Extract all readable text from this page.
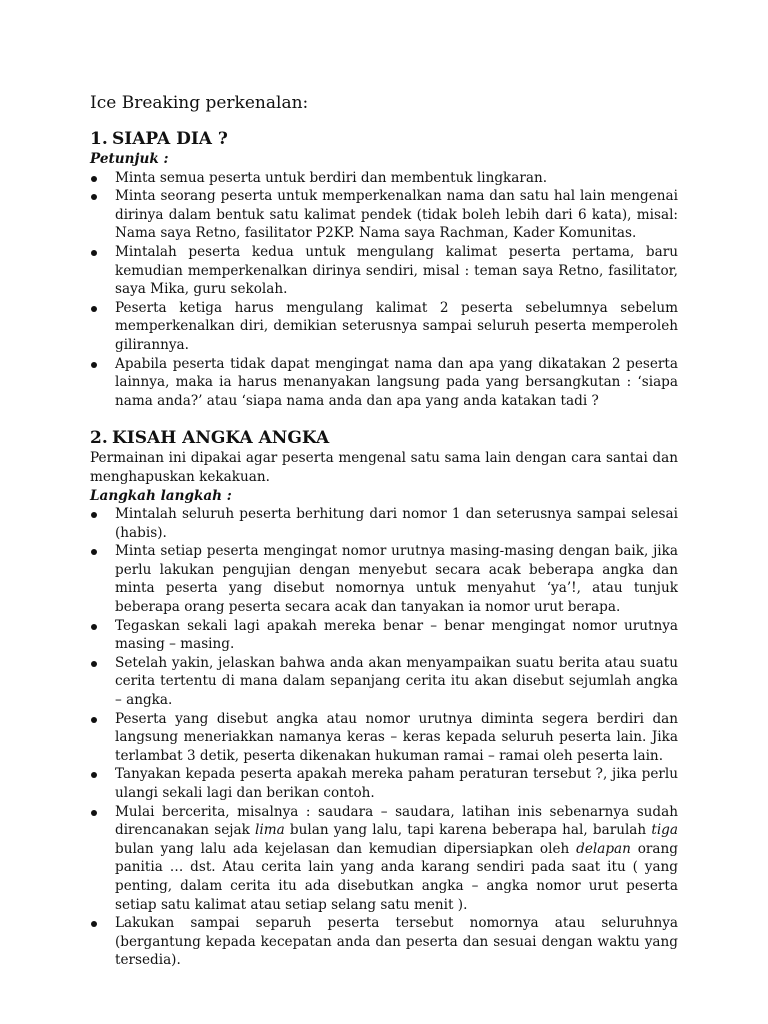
Ice Breaking perkenalan:

1. SIAPA DIA ?

Petunjuk :

Minta semua peserta untuk berdiri dan membentuk lingkaran.
Minta seorang peserta untuk memperkenalkan nama dan satu hal lain mengenai dirinya dalam bentuk satu kalimat pendek (tidak boleh lebih dari 6 kata), misal: Nama saya Retno, fasilitator P2KP. Nama saya Rachman, Kader Komunitas.
Mintalah peserta kedua untuk mengulang kalimat peserta pertama, baru kemudian memperkenalkan dirinya sendiri, misal : teman saya Retno, fasilitator, saya Mika, guru sekolah.
Peserta ketiga harus mengulang kalimat 2 peserta sebelumnya sebelum memperkenalkan diri, demikian seterusnya sampai seluruh peserta memperoleh gilirannya.
Apabila peserta tidak dapat mengingat nama dan apa yang dikatakan 2 peserta lainnya, maka ia harus menanyakan langsung pada yang bersangkutan : ‘siapa nama anda?’ atau ‘siapa nama anda dan apa yang anda katakan tadi ?
2. KISAH ANGKA ANGKA

Permainan ini dipakai agar peserta mengenal satu sama lain dengan cara santai dan menghapuskan kekakuan.

Langkah langkah :

Mintalah seluruh peserta berhitung dari nomor 1 dan seterusnya sampai selesai (habis).
Minta setiap peserta mengingat nomor urutnya masing-masing dengan baik, jika perlu lakukan pengujian dengan menyebut secara acak beberapa angka dan minta peserta yang disebut nomornya untuk menyahut ‘ya’!, atau tunjuk beberapa orang peserta secara acak dan tanyakan ia nomor urut berapa.
Tegaskan sekali lagi apakah mereka benar – benar mengingat nomor urutnya masing – masing.
Setelah yakin, jelaskan bahwa anda akan menyampaikan suatu berita atau suatu cerita tertentu di mana dalam sepanjang cerita itu akan disebut sejumlah angka – angka.
Peserta yang disebut angka atau nomor urutnya diminta segera berdiri dan langsung meneriakkan namanya keras – keras kepada seluruh peserta lain. Jika terlambat 3 detik, peserta dikenakan hukuman ramai – ramai oleh peserta lain.
Tanyakan kepada peserta apakah mereka paham peraturan tersebut ?, jika perlu ulangi sekali lagi dan berikan contoh.
Mulai bercerita, misalnya : saudara – saudara, latihan inis sebenarnya sudah direncanakan sejak lima bulan yang lalu, tapi karena beberapa hal, barulah tiga bulan yang lalu ada kejelasan dan kemudian dipersiapkan oleh delapan orang panitia … dst. Atau cerita lain yang anda karang sendiri pada saat itu ( yang penting, dalam cerita itu ada disebutkan angka – angka nomor urut peserta setiap satu kalimat atau setiap selang satu menit ).
Lakukan sampai separuh peserta tersebut nomornya atau seluruhnya (bergantung kepada kecepatan anda dan peserta dan sesuai dengan waktu yang tersedia).
